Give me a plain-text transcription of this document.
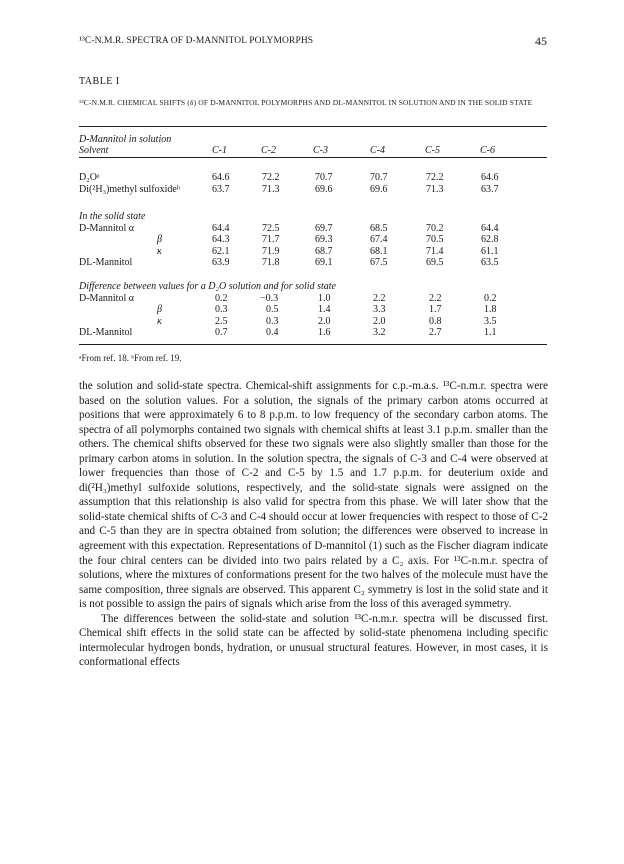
¹³C-N.M.R. SPECTRA OF D-MANNITOL POLYMORPHS	45
TABLE I
¹³C-N.M.R. CHEMICAL SHIFTS (δ) OF D-MANNITOL POLYMORPHS AND DL-MANNITOL IN SOLUTION AND IN THE SOLID STATE
D-Mannitol in solution
Solvent	C-1	C-2	C-3	C-4	C-5	C-6
D₂Oᵃ	64.6	72.2	70.7	70.7	72.2	64.6
Di(²H₃)methyl sulfoxideᵇ	63.7	71.3	69.6	69.6	71.3	63.7
In the solid state
D-Mannitol α	64.4	72.5	69.7	68.5	70.2	64.4
β	64.3	71.7	69.3	67.4	70.5	62.8
κ	62.1	71.9	68.7	68.1	71.4	61.1
DL-Mannitol	63.9	71.8	69.1	67.5	69.5	63.5
Difference between values for a D₂O solution and for solid state
D-Mannitol α	0.2	−0.3	1.0	2.2	2.2	0.2
β	0.3	0.5	1.4	3.3	1.7	1.8
κ	2.5	0.3	2.0	2.0	0.8	3.5
DL-Mannitol	0.7	0.4	1.6	3.2	2.7	1.1
ᵃFrom ref. 18. ᵇFrom ref. 19.

the solution and solid-state spectra. Chemical-shift assignments for c.p.-m.a.s. ¹³C-n.m.r. spectra were based on the solution values. For a solution, the signals of the primary carbon atoms occurred at positions that were approximately 6 to 8 p.p.m. to low frequency of the secondary carbon atoms. The spectra of all polymorphs contained two signals with chemical shifts at least 3.1 p.p.m. smaller than the others. The chemical shifts observed for these two signals were also slightly smaller than those for the primary carbon atoms in solution. In the solution spectra, the signals of C-3 and C-4 were observed at lower frequencies than those of C-2 and C-5 by 1.5 and 1.7 p.p.m. for deuterium oxide and di(²H₃)methyl sulfoxide solutions, respectively, and the solid-state signals were assigned on the assumption that this relationship is also valid for spectra from this phase. We will later show that the solid-state chemical shifts of C-3 and C-4 should occur at lower frequencies with respect to those of C-2 and C-5 than they are in spectra obtained from solution; the differences were observed to increase in agreement with this expectation. Representations of D-mannitol (1) such as the Fischer diagram indicate the four chiral centers can be divided into two pairs related by a C₂ axis. For ¹³C-n.m.r. spectra of solutions, where the mixtures of conformations present for the two halves of the molecule must have the same composition, three signals are observed. This apparent C₂ symmetry is lost in the solid state and it is not possible to assign the pairs of signals which arise from the loss of this averaged symmetry.

The differences between the solid-state and solution ¹³C-n.m.r. spectra will be discussed first. Chemical shift effects in the solid state can be affected by solid-state phenomena including specific intermolecular hydrogen bonds, hydration, or unusual structural features. However, in most cases, it is conformational effects
